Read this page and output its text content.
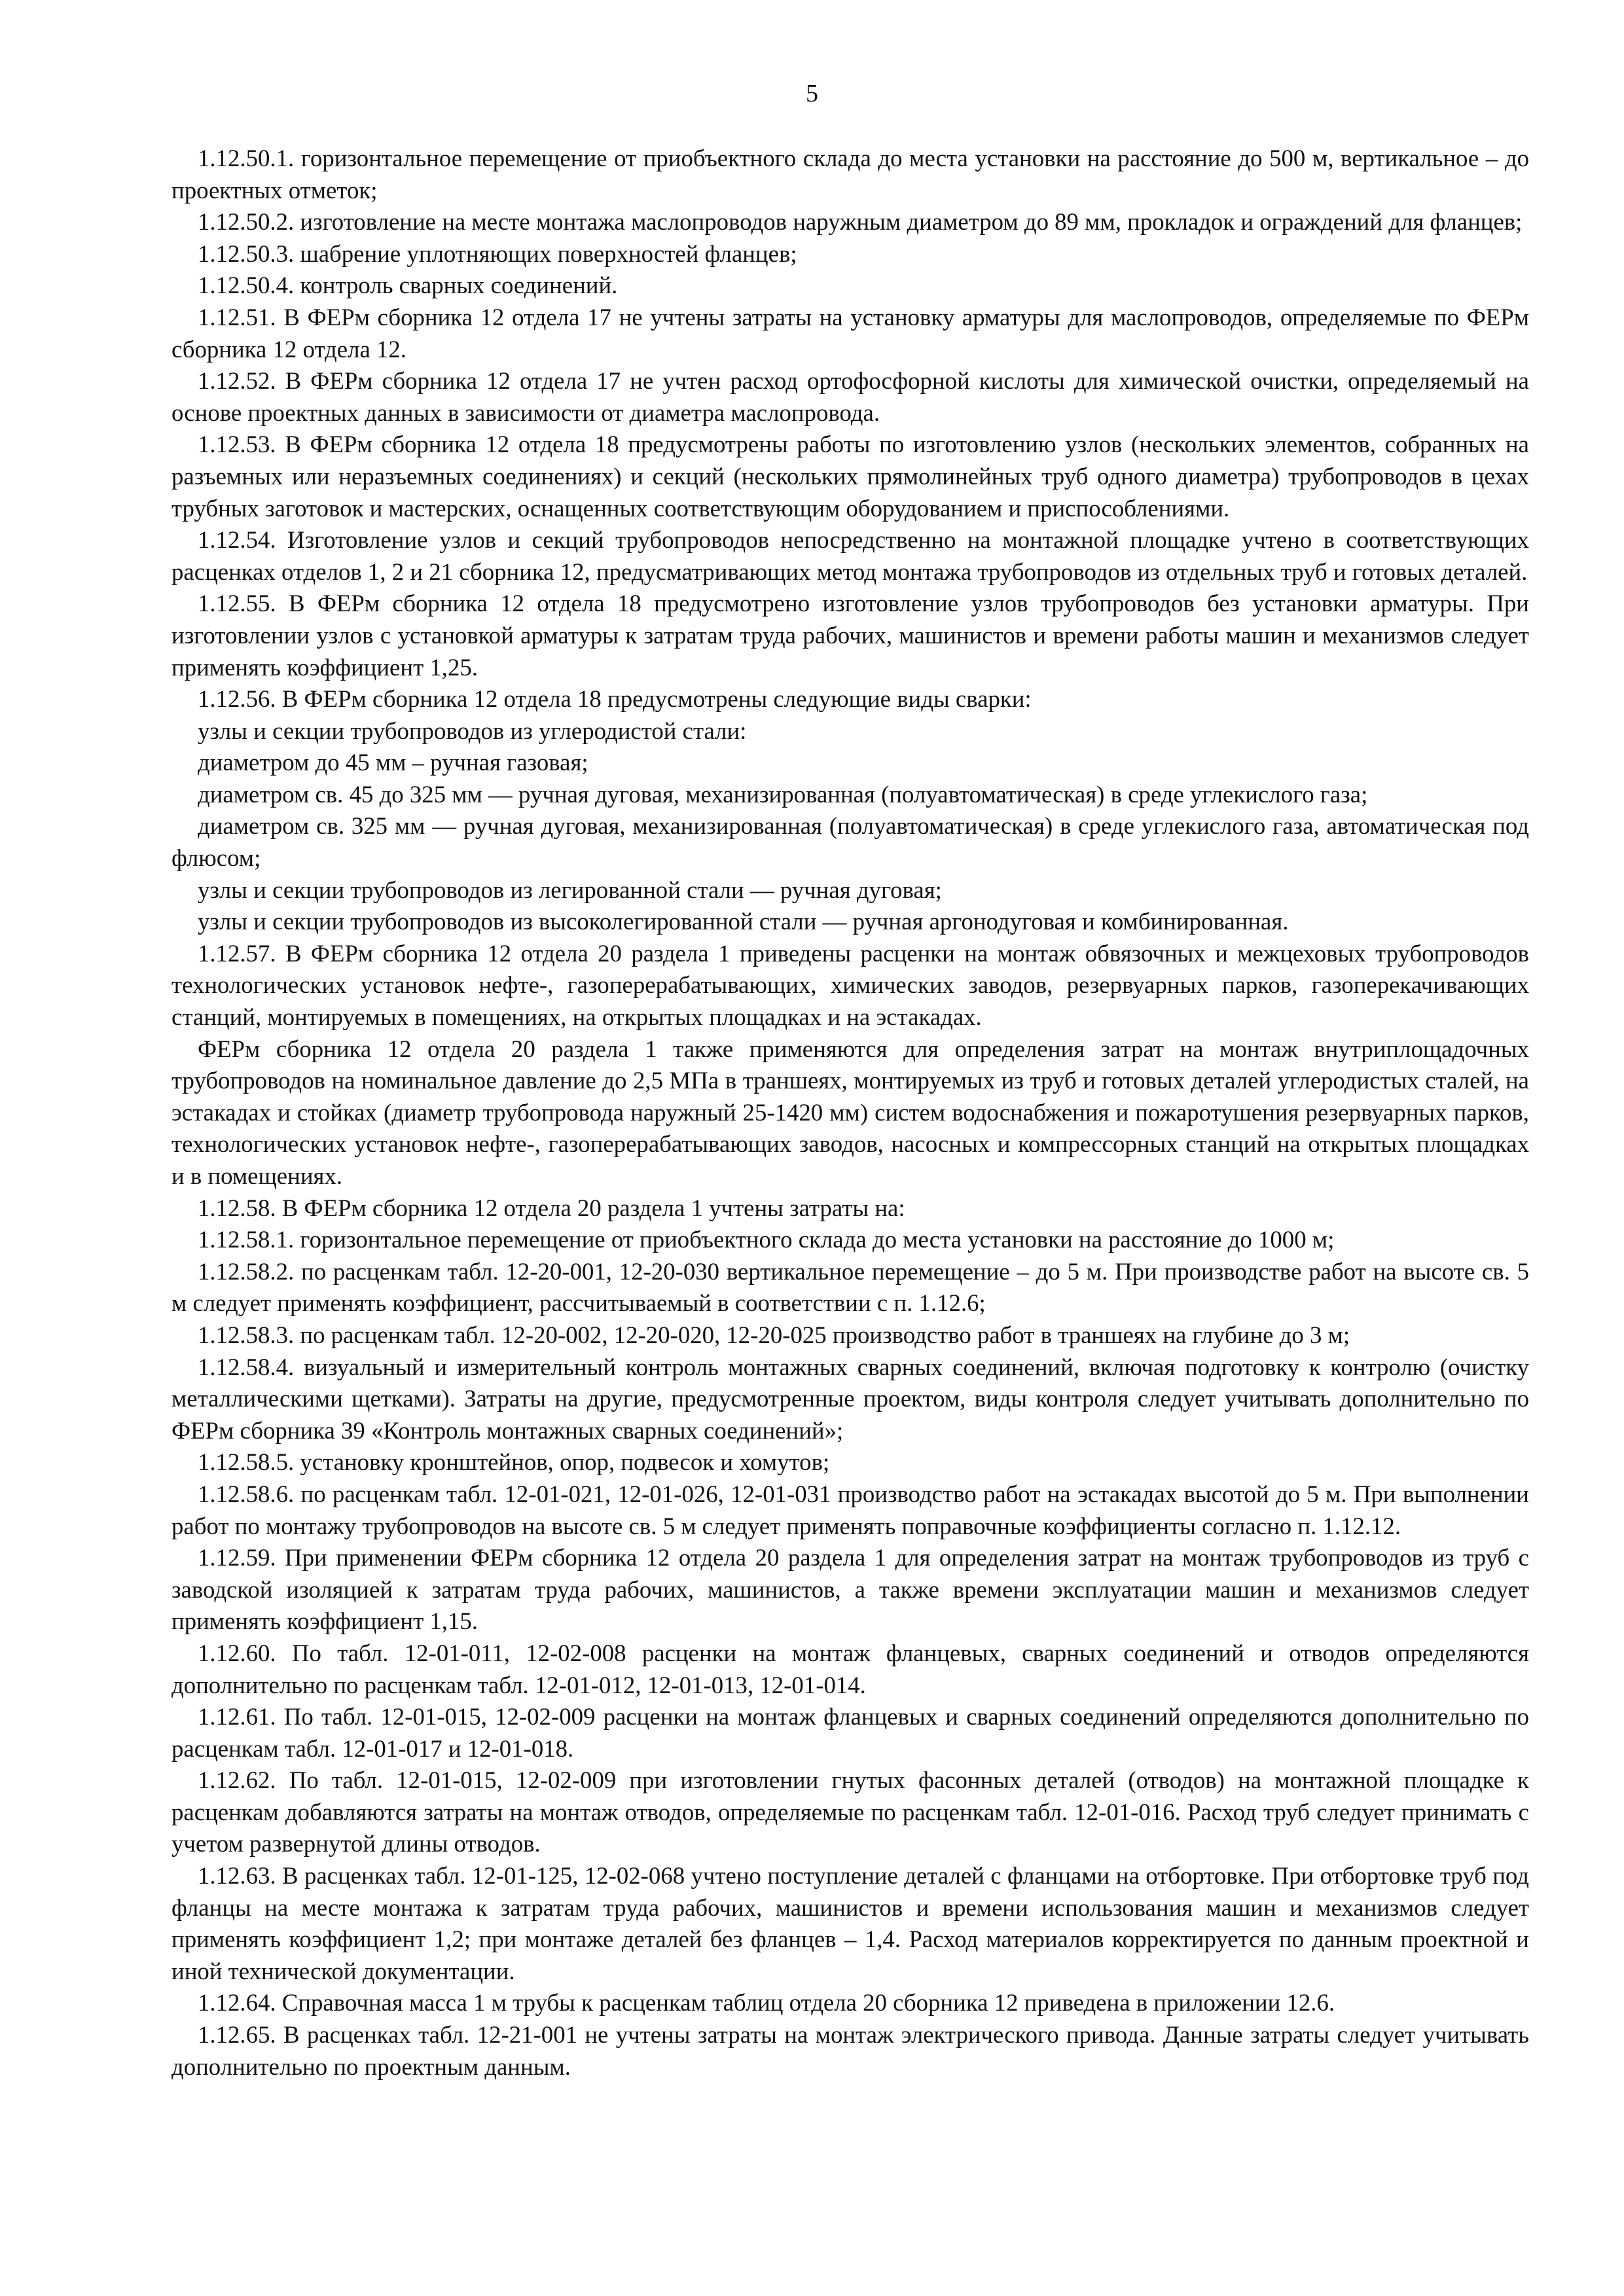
5

1.12.50.1. горизонтальное перемещение от приобъектного склада до места установки на расстояние до 500 м, вертикальное – до проектных отметок;

1.12.50.2. изготовление на месте монтажа маслопроводов наружным диаметром до 89 мм, прокладок и ограждений для фланцев;

1.12.50.3. шабрение уплотняющих поверхностей фланцев;

1.12.50.4. контроль сварных соединений.

1.12.51. В ФЕРм сборника 12 отдела 17 не учтены затраты на установку арматуры для маслопроводов, определяемые по ФЕРм сборника 12 отдела 12.

1.12.52. В ФЕРм сборника 12 отдела 17 не учтен расход ортофосфорной кислоты для химической очистки, определяемый на основе проектных данных в зависимости от диаметра маслопровода.

1.12.53. В ФЕРм сборника 12 отдела 18 предусмотрены работы по изготовлению узлов (нескольких элементов, собранных на разъемных или неразъемных соединениях) и секций (нескольких прямолинейных труб одного диаметра) трубопроводов в цехах трубных заготовок и мастерских, оснащенных соответствующим оборудованием и приспособлениями.

1.12.54. Изготовление узлов и секций трубопроводов непосредственно на монтажной площадке учтено в соответствующих расценках отделов 1, 2 и 21 сборника 12, предусматривающих метод монтажа трубопроводов из отдельных труб и готовых деталей.

1.12.55. В ФЕРм сборника 12 отдела 18 предусмотрено изготовление узлов трубопроводов без установки арматуры. При изготовлении узлов с установкой арматуры к затратам труда рабочих, машинистов и времени работы машин и механизмов следует применять коэффициент 1,25.

1.12.56. В ФЕРм сборника 12 отдела 18 предусмотрены следующие виды сварки:

узлы и секции трубопроводов из углеродистой стали:

диаметром до 45 мм – ручная газовая;

диаметром св. 45 до 325 мм — ручная дуговая, механизированная (полуавтоматическая) в среде углекислого газа;

диаметром св. 325 мм — ручная дуговая, механизированная (полуавтоматическая) в среде углекислого газа, автоматическая под флюсом;

узлы и секции трубопроводов из легированной стали — ручная дуговая;

узлы и секции трубопроводов из высоколегированной стали — ручная аргонодуговая и комбинированная.

1.12.57. В ФЕРм сборника 12 отдела 20 раздела 1 приведены расценки на монтаж обвязочных и межцеховых трубопроводов технологических установок нефте-, газоперерабатывающих, химических заводов, резервуарных парков, газоперекачивающих станций, монтируемых в помещениях, на открытых площадках и на эстакадах.

ФЕРм сборника 12 отдела 20 раздела 1 также применяются для определения затрат на монтаж внутриплощадочных трубопроводов на номинальное давление до 2,5 МПа в траншеях, монтируемых из труб и готовых деталей углеродистых сталей, на эстакадах и стойках (диаметр трубопровода наружный 25-1420 мм) систем водоснабжения и пожаротушения резервуарных парков, технологических установок нефте-, газоперерабатывающих заводов, насосных и компрессорных станций на открытых площадках и в помещениях.

1.12.58. В ФЕРм сборника 12 отдела 20 раздела 1 учтены затраты на:

1.12.58.1. горизонтальное перемещение от приобъектного склада до места установки на расстояние до 1000 м;

1.12.58.2. по расценкам табл. 12-20-001, 12-20-030 вертикальное перемещение – до 5 м. При производстве работ на высоте св. 5 м следует применять коэффициент, рассчитываемый в соответствии с п. 1.12.6;

1.12.58.3. по расценкам табл. 12-20-002, 12-20-020, 12-20-025 производство работ в траншеях на глубине до 3 м;

1.12.58.4. визуальный и измерительный контроль монтажных сварных соединений, включая подготовку к контролю (очистку металлическими щетками). Затраты на другие, предусмотренные проектом, виды контроля следует учитывать дополнительно по ФЕРм сборника 39 «Контроль монтажных сварных соединений»;

1.12.58.5. установку кронштейнов, опор, подвесок и хомутов;

1.12.58.6. по расценкам табл. 12-01-021, 12-01-026, 12-01-031 производство работ на эстакадах высотой до 5 м. При выполнении работ по монтажу трубопроводов на высоте св. 5 м следует применять поправочные коэффициенты согласно п. 1.12.12.

1.12.59. При применении ФЕРм сборника 12 отдела 20 раздела 1 для определения затрат на монтаж трубопроводов из труб с заводской изоляцией к затратам труда рабочих, машинистов, а также времени эксплуатации машин и механизмов следует применять коэффициент 1,15.

1.12.60. По табл. 12-01-011, 12-02-008 расценки на монтаж фланцевых, сварных соединений и отводов определяются дополнительно по расценкам табл. 12-01-012, 12-01-013, 12-01-014.

1.12.61. По табл. 12-01-015, 12-02-009 расценки на монтаж фланцевых и сварных соединений определяются дополнительно по расценкам табл. 12-01-017 и 12-01-018.

1.12.62. По табл. 12-01-015, 12-02-009 при изготовлении гнутых фасонных деталей (отводов) на монтажной площадке к расценкам добавляются затраты на монтаж отводов, определяемые по расценкам табл. 12-01-016. Расход труб следует принимать с учетом развернутой длины отводов.

1.12.63. В расценках табл. 12-01-125, 12-02-068 учтено поступление деталей с фланцами на отбортовке. При отбортовке труб под фланцы на месте монтажа к затратам труда рабочих, машинистов и времени использования машин и механизмов следует применять коэффициент 1,2; при монтаже деталей без фланцев – 1,4. Расход материалов корректируется по данным проектной и иной технической документации.

1.12.64. Справочная масса 1 м трубы к расценкам таблиц отдела 20 сборника 12 приведена в приложении 12.6.

1.12.65. В расценках табл. 12-21-001 не учтены затраты на монтаж электрического привода. Данные затраты следует учитывать дополнительно по проектным данным.
